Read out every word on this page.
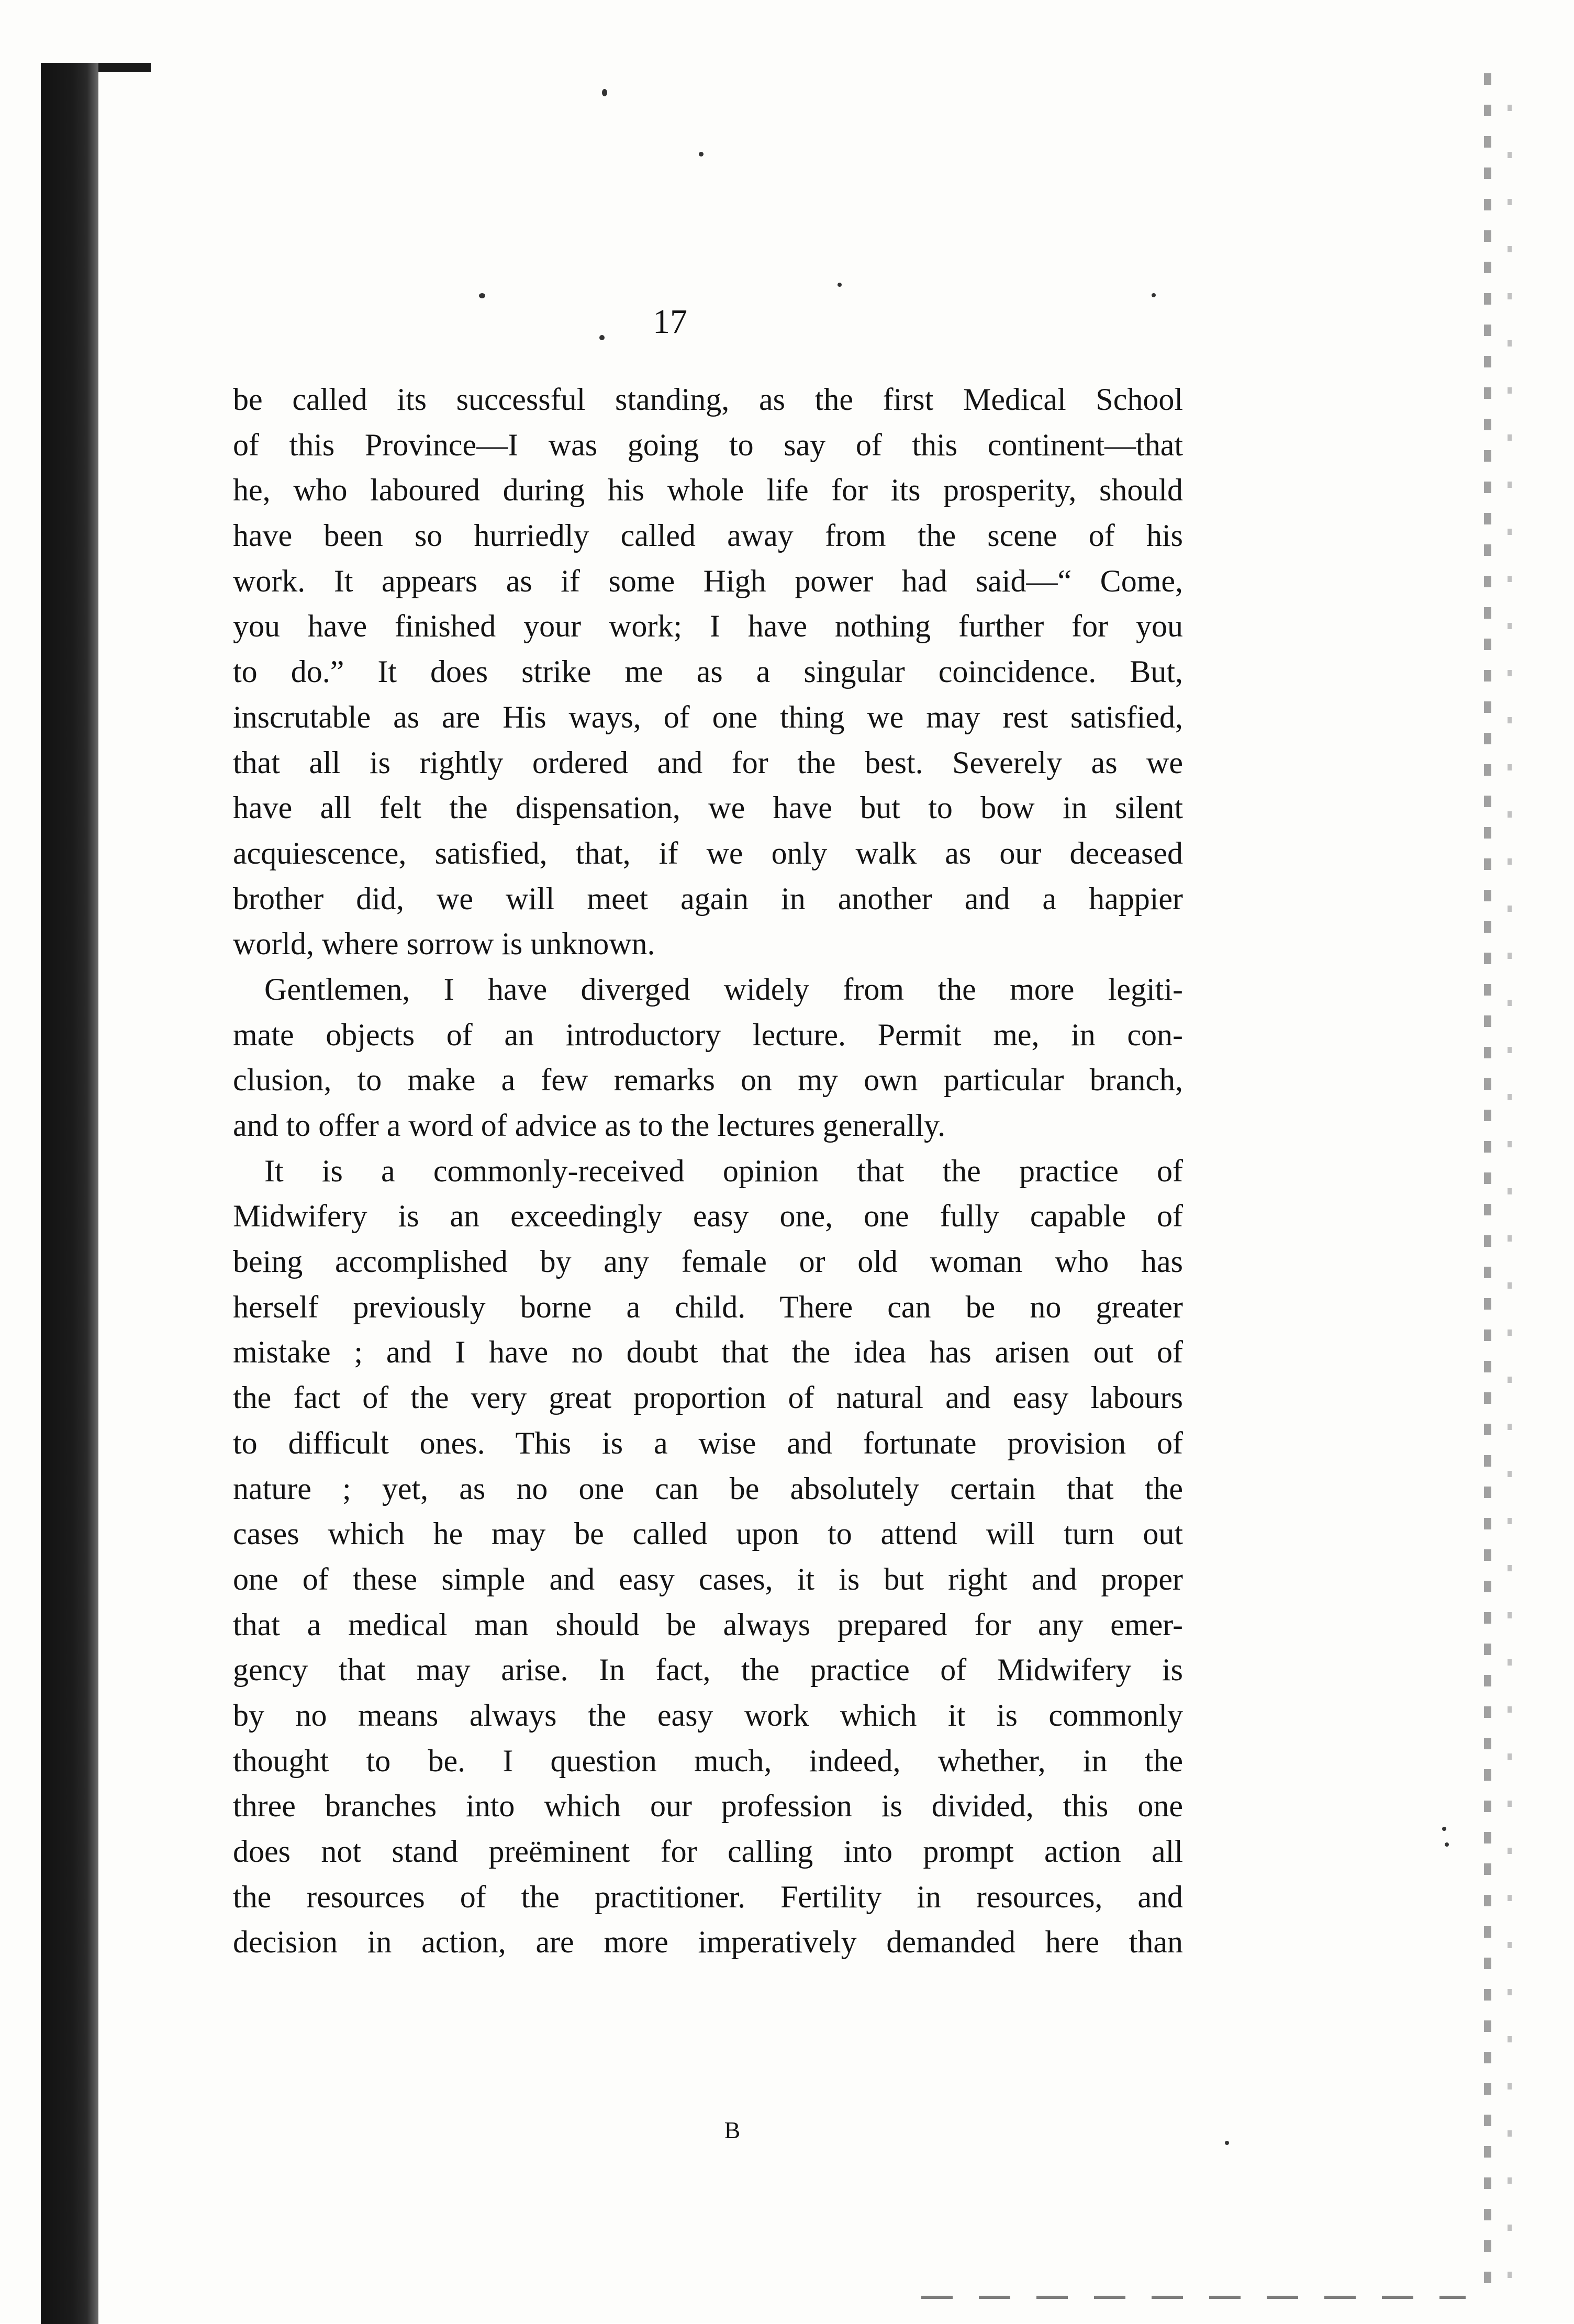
17

be called its successful standing, as the first Medical School
of this Province—I was going to say of this continent—that
he, who laboured during his whole life for its prosperity, should
have been so hurriedly called away from the scene of his
work. It appears as if some High power had said—“ Come,
you have finished your work; I have nothing further for you
to do.” It does strike me as a singular coincidence. But,
inscrutable as are His ways, of one thing we may rest satisfied,
that all is rightly ordered and for the best. Severely as we
have all felt the dispensation, we have but to bow in silent
acquiescence, satisfied, that, if we only walk as our deceased
brother did, we will meet again in another and a happier
world, where sorrow is unknown.
Gentlemen, I have diverged widely from the more legiti-
mate objects of an introductory lecture. Permit me, in con-
clusion, to make a few remarks on my own particular branch,
and to offer a word of advice as to the lectures generally.
It is a commonly-received opinion that the practice of
Midwifery is an exceedingly easy one, one fully capable of
being accomplished by any female or old woman who has
herself previously borne a child. There can be no greater
mistake ; and I have no doubt that the idea has arisen out of
the fact of the very great proportion of natural and easy labours
to difficult ones. This is a wise and fortunate provision of
nature ; yet, as no one can be absolutely certain that the
cases which he may be called upon to attend will turn out
one of these simple and easy cases, it is but right and proper
that a medical man should be always prepared for any emer-
gency that may arise. In fact, the practice of Midwifery is
by no means always the easy work which it is commonly
thought to be. I question much, indeed, whether, in the
three branches into which our profession is divided, this one
does not stand preëminent for calling into prompt action all
the resources of the practitioner. Fertility in resources, and
decision in action, are more imperatively demanded here than

B
